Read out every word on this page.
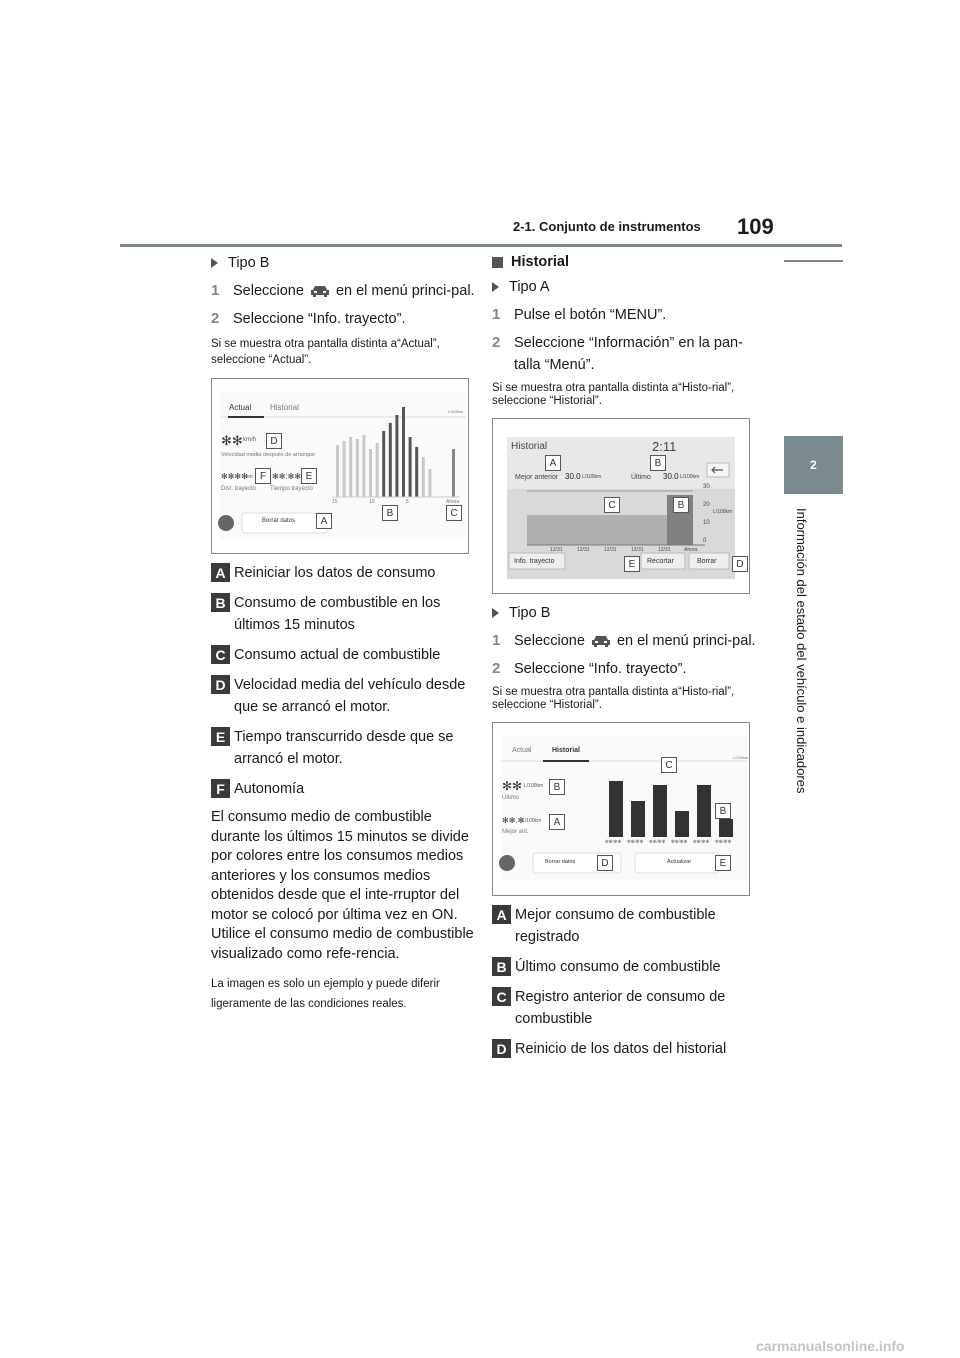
2-1. Conjunto de instrumentos 109
2
Información del estado del vehículo e indicadores
Tipo B
1 Seleccione en el menú princi-pal.
2 Seleccione “Info. trayecto”.
Si se muestra otra pantalla distinta a“Actual”, seleccione “Actual”.
Actual Historial	L/100km
✻✻ km/h	D
Velocidad media después de arranque
✻✻✻✻
km F ✻✻:✻✻ E
Dist. trayecto Tiempo trayecto
15	10	5	Ahora
Borrar datos	A
B	C
A Reiniciar los datos de consumo
B Consumo de combustible en los últimos 15 minutos
C Consumo actual de combustible
D Velocidad media del vehículo desde que se arrancó el motor.
E Tiempo transcurrido desde que se arrancó el motor.
F Autonomía
El consumo medio de combustible durante los últimos 15 minutos se divide por colores entre los consumos medios anteriores y los consumos medios obtenidos desde que el inte-rruptor del motor se colocó por última vez en ON. Utilice el consumo medio de combustible visualizado como refe-rencia.
La imagen es solo un ejemplo y puede diferir ligeramente de las condiciones reales.
Historial
Tipo A
1 Pulse el botón “MENU”.
2 Seleccione “Información” en la pan-talla “Menú”.
Si se muestra otra pantalla distinta a“Histo-rial”, seleccione “Historial”.
Historial	2:11
A	B
Mejor anterior 30.0 L/100km	Último 30.0 L/100km
30
20
L/100km
10
0
C	B
12/31	12/31	12/31	12/31	12/31	Ahora
Info. trayecto	E	Recortar	Borrar	D
Tipo B
1 Seleccione en el menú princi-pal.
2 Seleccione “Info. trayecto”.
Si se muestra otra pantalla distinta a“Histo-rial”, seleccione “Historial”.
Actual	Historial
L/100km
✻✻ L/100km	B
Último
✻✻.✻
L/100km	A
Mejor ant.
C
B
✻✻/✻✻ ✻✻/✻✻ ✻✻/✻✻ ✻✻/✻✻ ✻✻/✻✻ ✻✻/✻✻
Borrar datos	D	Actualizar	E
A Mejor consumo de combustible registrado
B Último consumo de combustible
C Registro anterior de consumo de combustible
D Reinicio de los datos del historial
carmanualsonline.info
